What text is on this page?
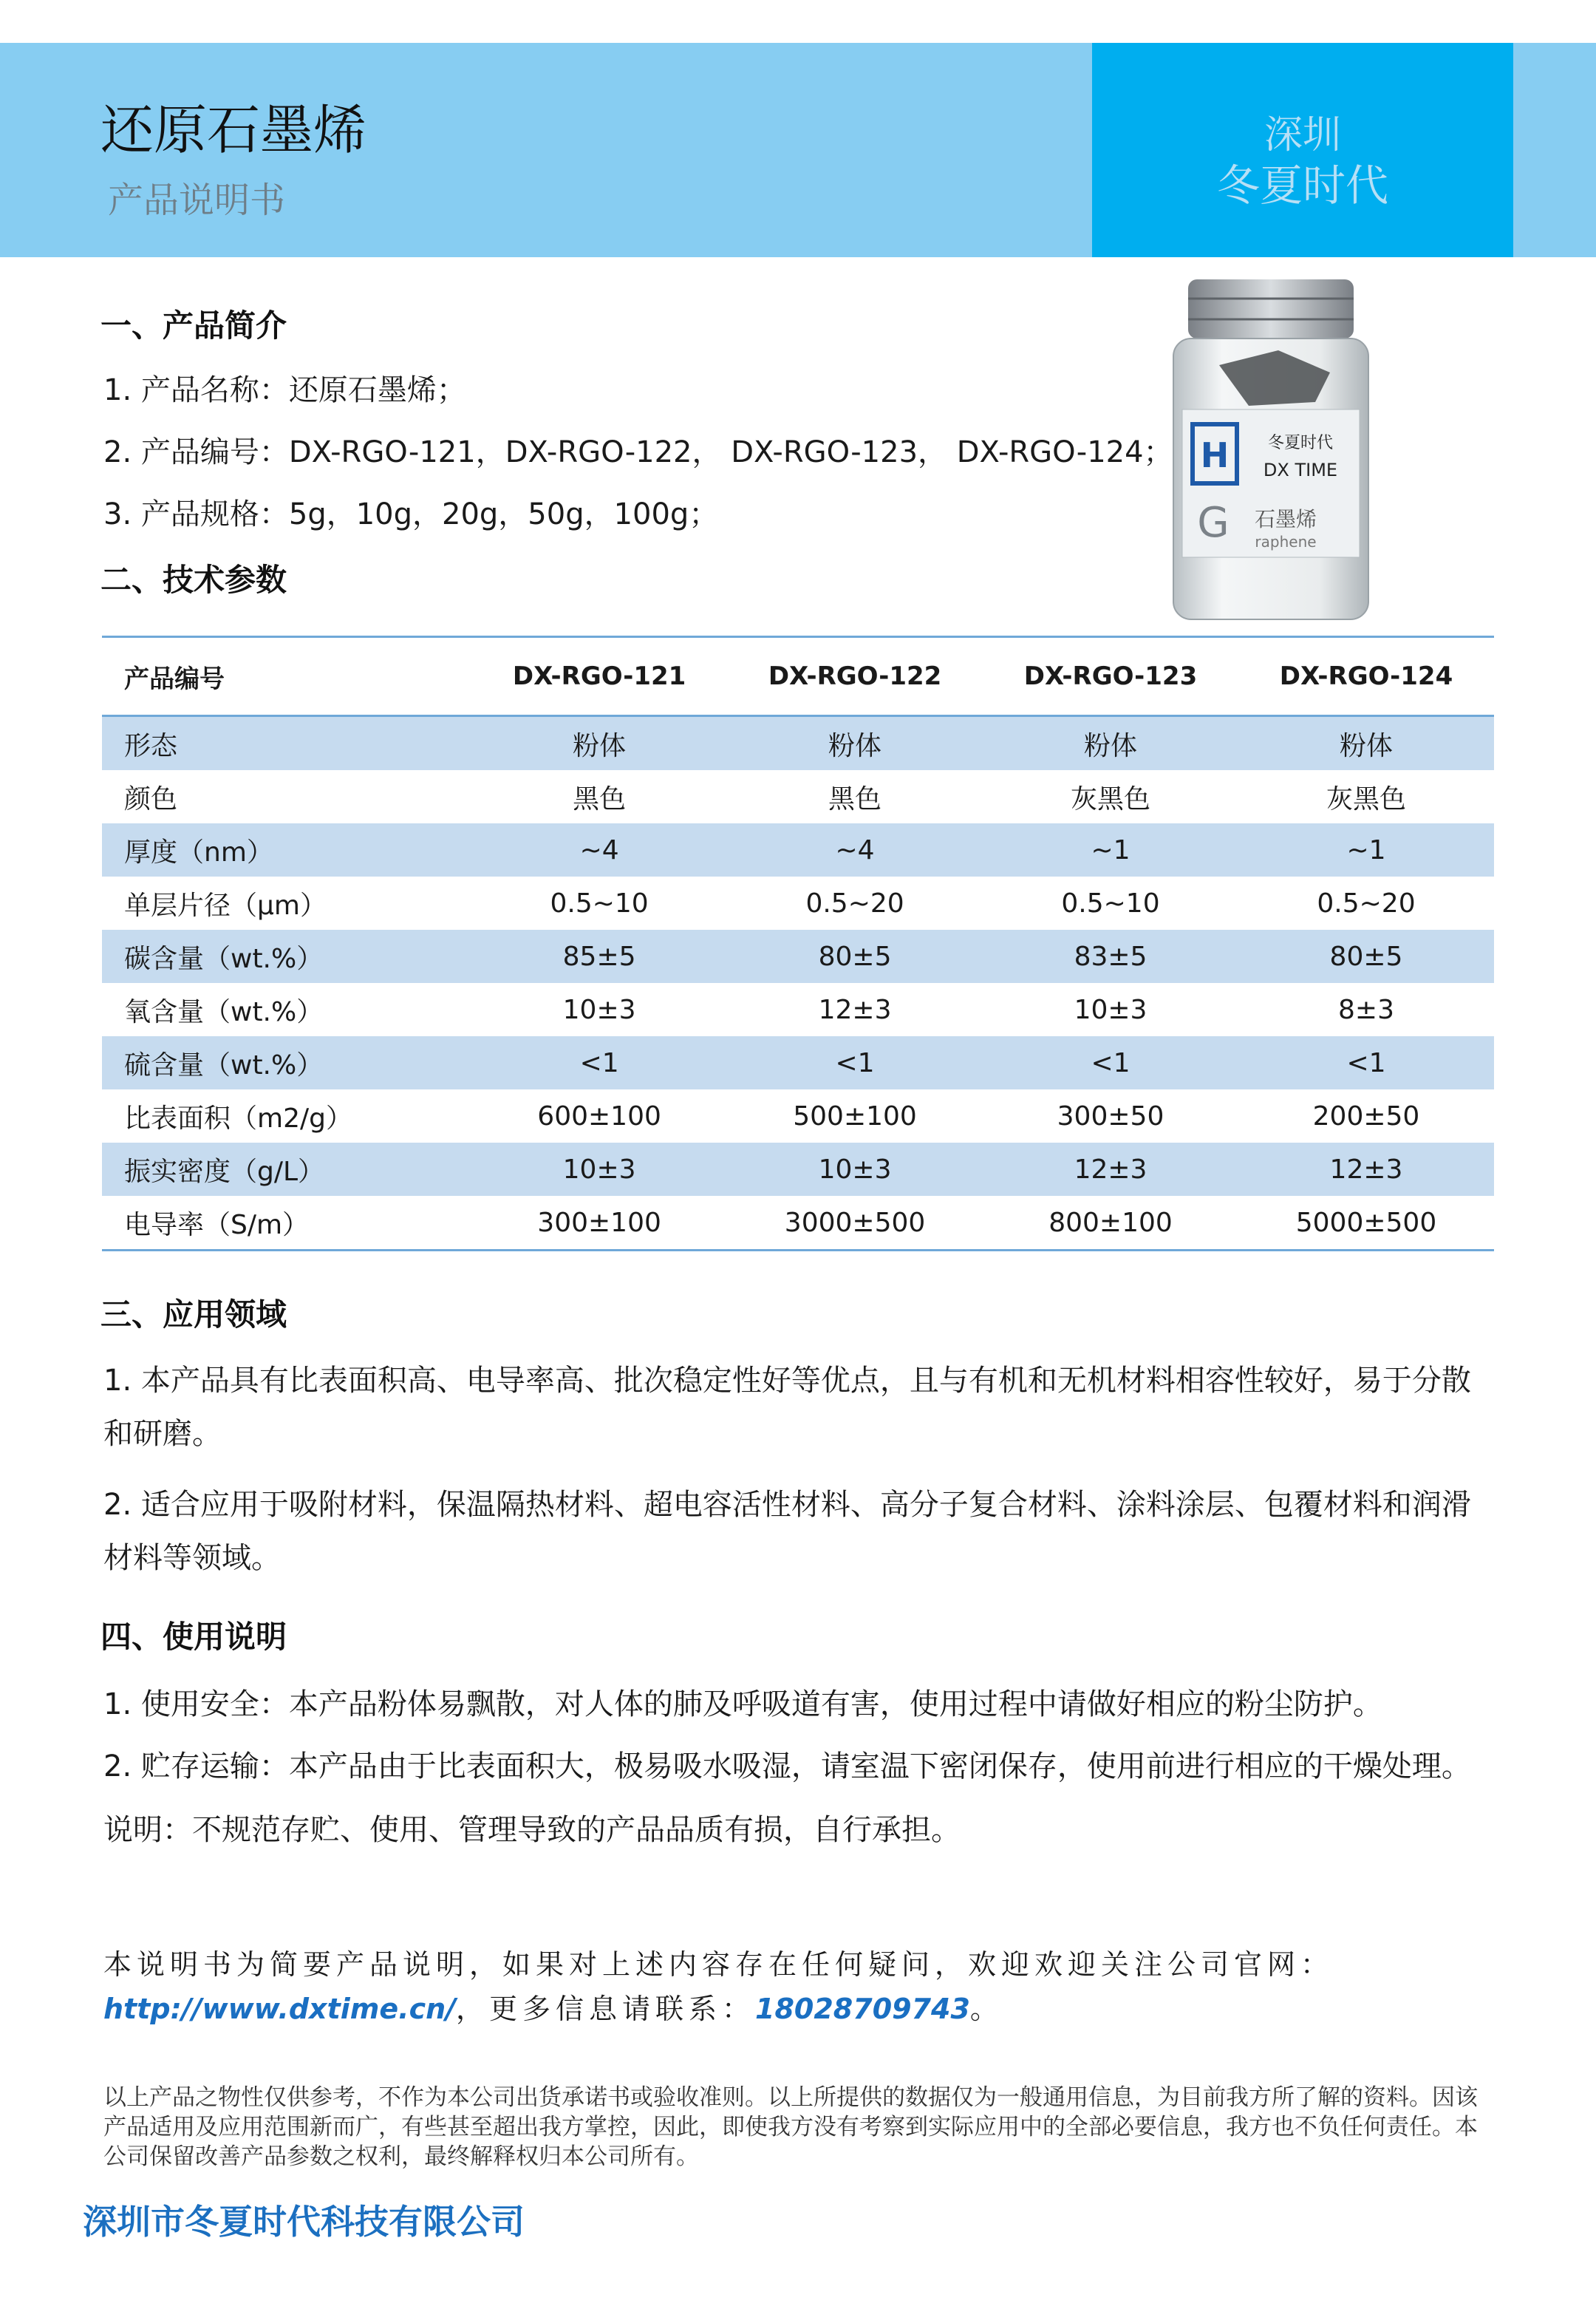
还原石墨烯
产品说明书
深圳
冬夏时代
一、产品简介
1. 产品名称：还原石墨烯；
2. 产品编号：DX-RGO-121，DX-RGO-122， DX-RGO-123， DX-RGO-124；
3. 产品规格：5g，10g，20g，50g，100g；
H 冬夏时代
DX TIME
G 石墨烯
raphene
二、技术参数
产品编号	DX-RGO-121	DX-RGO-122	DX-RGO-123	DX-RGO-124
形态	粉体	粉体	粉体	粉体
颜色	黑色	黑色	灰黑色	灰黑色
厚度（nm）	~4	~4	~1	~1
单层片径（μm）	0.5~10	0.5~20	0.5~10	0.5~20
碳含量（wt.%）	85±5	80±5	83±5	80±5
氧含量（wt.%）	10±3	12±3	10±3	8±3
硫含量（wt.%）	<1	<1	<1	<1
比表面积（m2/g）	600±100	500±100	300±50	200±50
振实密度（g/L）	10±3	10±3	12±3	12±3
电导率（S/m）	300±100	3000±500	800±100	5000±500
三、应用领域
1. 本产品具有比表面积高、电导率高、批次稳定性好等优点，且与有机和无机材料相容性较好，易于分散和研磨。
2. 适合应用于吸附材料，保温隔热材料、超电容活性材料、高分子复合材料、涂料涂层、包覆材料和润滑材料等领域。
四、使用说明
1. 使用安全：本产品粉体易飘散，对人体的肺及呼吸道有害，使用过程中请做好相应的粉尘防护。
2. 贮存运输：本产品由于比表面积大，极易吸水吸湿，请室温下密闭保存，使用前进行相应的干燥处理。
说明：不规范存贮、使用、管理导致的产品品质有损，自行承担。
本说明书为简要产品说明，如果对上述内容存在任何疑问，欢迎欢迎关注公司官网：
http://www.dxtime.cn/，更多信息请联系：18028709743。
以上产品之物性仅供参考，不作为本公司出货承诺书或验收准则。以上所提供的数据仅为一般通用信息，为目前我方所了解的资料。因该产品适用及应用范围新而广，有些甚至超出我方掌控，因此，即使我方没有考察到实际应用中的全部必要信息，我方也不负任何责任。本公司保留改善产品参数之权利，最终解释权归本公司所有。
深圳市冬夏时代科技有限公司
